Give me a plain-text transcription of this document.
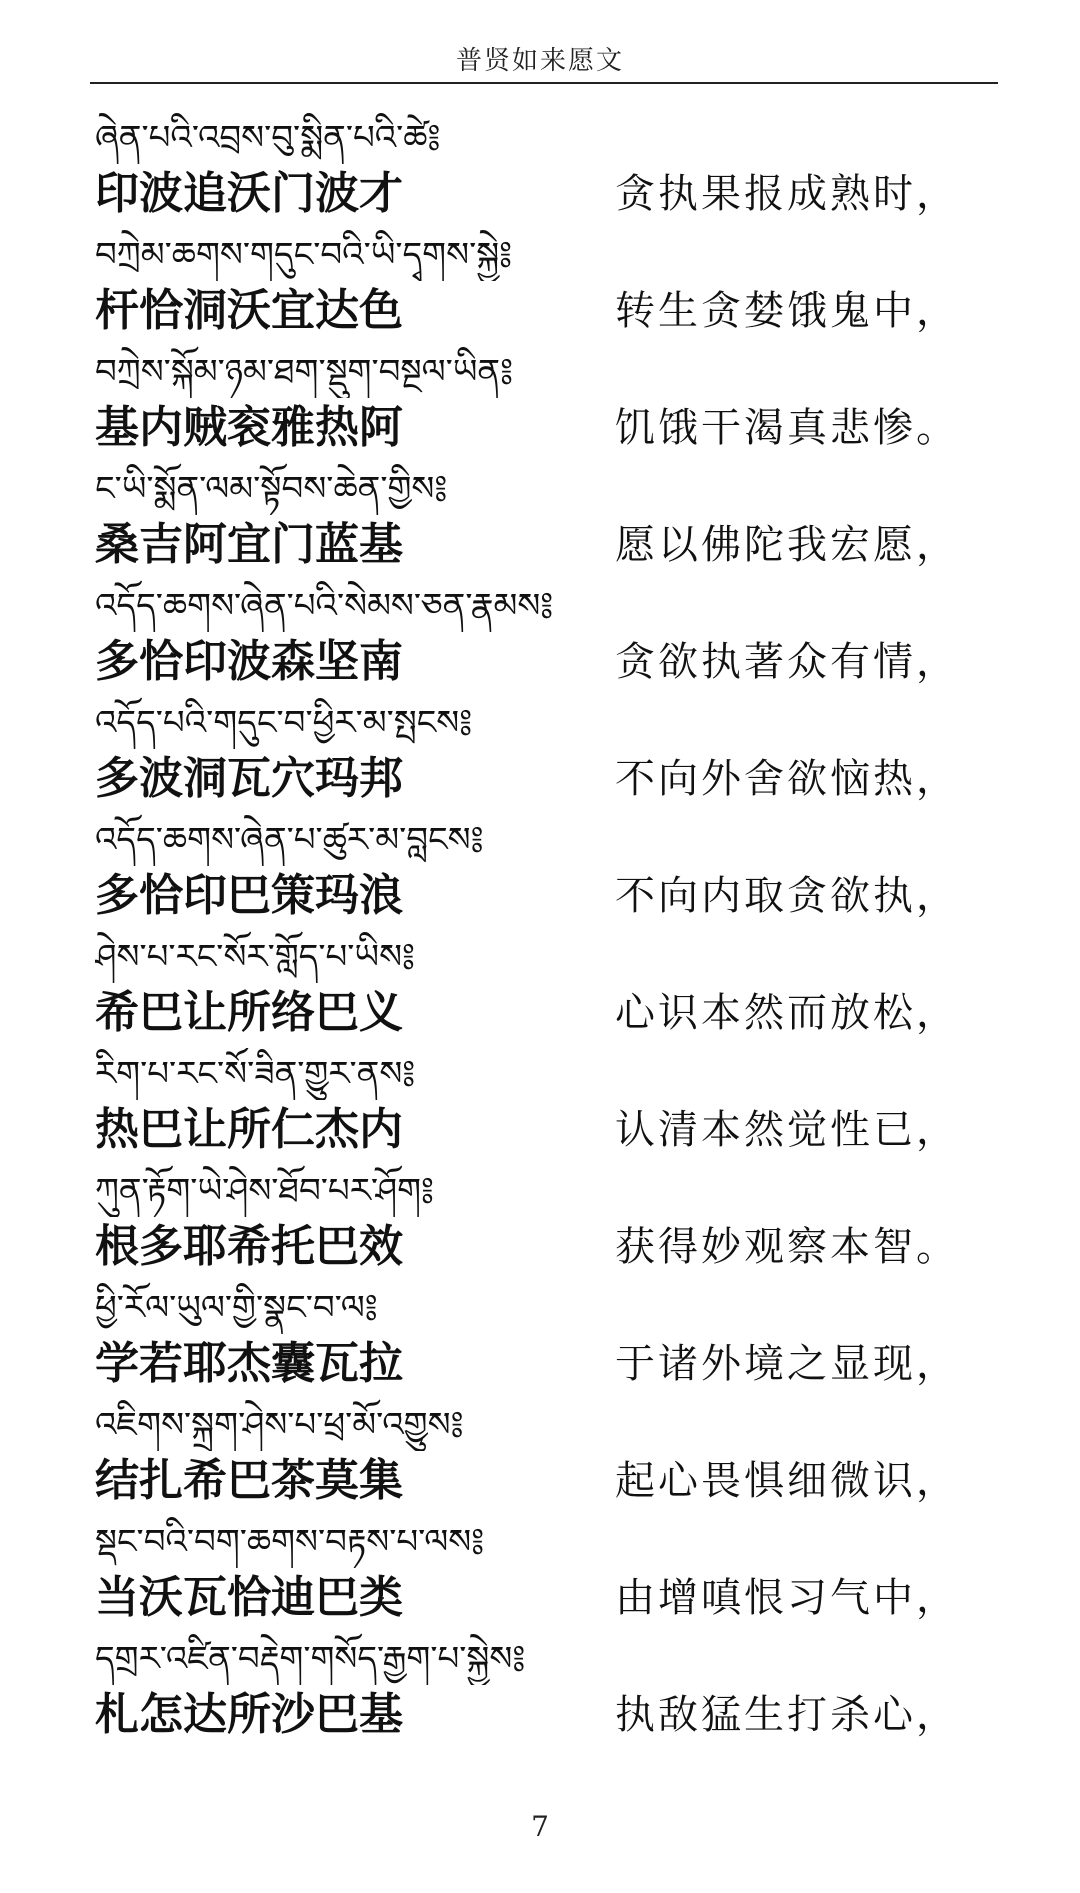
普贤如来愿文
ཞེན་པའི་འབྲས་བུ་སྨིན་པའི་ཚེ༔
印波追沃门波才	贪执果报成熟时，
བཀྲེམ་ཆགས་གདུང་བའི་ཡི་དྭགས་སྐྱེ༔
杆恰洞沃宜达色	转生贪婪饿鬼中，
བཀྲེས་སྐོམ་ཉམ་ཐག་སྡུག་བསྔལ་ཡིན༔
基内贼衮雅热阿	饥饿干渴真悲惨。
ང་ཡི་སྨོན་ལམ་སྟོབས་ཆེན་གྱིས༔
桑吉阿宜门蓝基	愿以佛陀我宏愿，
འདོད་ཆགས་ཞེན་པའི་སེམས་ཅན་རྣམས༔
多恰印波森坚南	贪欲执著众有情，
འདོད་པའི་གདུང་བ་ཕྱིར་མ་སྤངས༔
多波洞瓦穴玛邦	不向外舍欲恼热，
འདོད་ཆགས་ཞེན་པ་ཚུར་མ་བླངས༔
多恰印巴策玛浪	不向内取贪欲执，
ཤེས་པ་རང་སོར་གློད་པ་ཡིས༔
希巴让所络巴义	心识本然而放松，
རིག་པ་རང་སོ་ཟིན་གྱུར་ནས༔
热巴让所仁杰内	认清本然觉性已，
ཀུན་རྟོག་ཡེ་ཤེས་ཐོབ་པར་ཤོག༔
根多耶希托巴效	获得妙观察本智。
ཕྱི་རོལ་ཡུལ་གྱི་སྣང་བ་ལ༔
学若耶杰囊瓦拉	于诸外境之显现，
འཇིགས་སྐྲག་ཤེས་པ་ཕྲ་མོ་འགྱུས༔
结扎希巴茶莫集	起心畏惧细微识，
སྡང་བའི་བག་ཆགས་བརྟས་པ་ལས༔
当沃瓦恰迪巴类	由增嗔恨习气中，
དགྲར་འཛིན་བརྡེག་གསོད་རྒྱག་པ་སྐྱེས༔
札怎达所沙巴基	执敌猛生打杀心，
7
